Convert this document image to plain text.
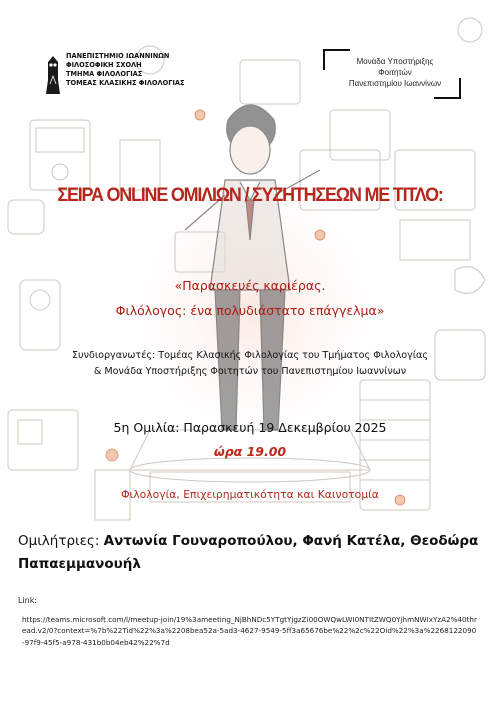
ΠΑΝΕΠΙΣΤΗΜΙΟ ΙΩΑΝΝΙΝΩΝ
ΦΙΛΟΣΟΦΙΚΗ ΣΧΟΛΗ
ΤΜΗΜΑ ΦΙΛΟΛΟΓΙΑΣ
ΤΟΜΕΑΣ ΚΛΑΣΙΚΗΣ ΦΙΛΟΛΟΓΙΑΣ
Μονάδα Υποστήριξης
Φοιτητών
Πανεπιστημίου Ιωαννίνων
ΣΕΙΡΑ ONLINE ΟΜΙΛΙΩΝ / ΣΥΖΗΤΗΣΕΩΝ ΜΕ ΤΙΤΛΟ:
«Παρασκευές καριέρας.
Φιλόλογος: ένα πολυδιάστατο επάγγελμα»
Συνδιοργανωτές: Τομέας Κλασικής Φιλολογίας του Τμήματος Φιλολογίας
& Μονάδα Υποστήριξης Φοιτητών του Πανεπιστημίου Ιωαννίνων
5η Ομιλία: Παρασκευή 19 Δεκεμβρίου 2025
ώρα 19.00
Φιλολογία, Επιχειρηματικότητα και Καινοτομία
Ομιλήτριες: Αντωνία Γουναροπούλου, Φανή Κατέλα, Θεοδώρα Παπαεμμανουήλ
Link:
https://teams.microsoft.com/l/meetup-join/19%3ameeting_NjBhNDc5YTgtYjgzZi00OWQwLWI0NTItZWQ0YjhmNWIxYzA2%40thread.v2/0?context=%7b%22Tid%22%3a%2208bea52a-5ad3-4627-9549-5ff3a65676be%22%2c%22Oid%22%3a%2268122090-97f9-45f5-a978-431b0b04eb42%22%7d
